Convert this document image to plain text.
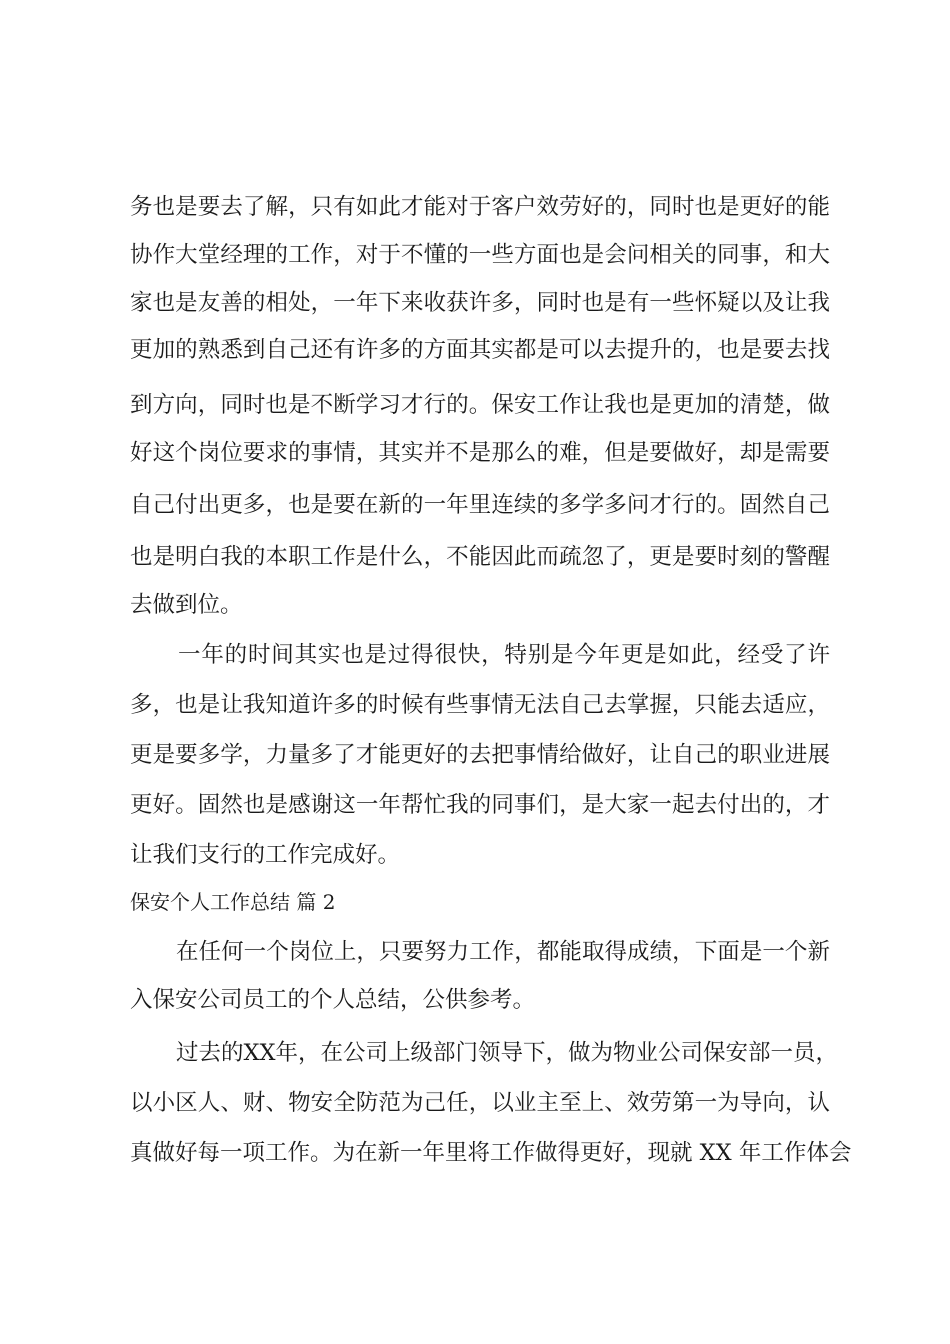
务也是要去了解，只有如此才能对于客户效劳好的，同时也是更好的能
协作大堂经理的工作，对于不懂的一些方面也是会问相关的同事，和大
家也是友善的相处，一年下来收获许多，同时也是有一些怀疑以及让我
更加的熟悉到自己还有许多的方面其实都是可以去提升的，也是要去找
到方向，同时也是不断学习才行的。保安工作让我也是更加的清楚，做
好这个岗位要求的事情，其实并不是那么的难，但是要做好，却是需要
自己付出更多，也是要在新的一年里连续的多学多问才行的。固然自己
也是明白我的本职工作是什么，不能因此而疏忽了，更是要时刻的警醒
去做到位。
一年的时间其实也是过得很快，特别是今年更是如此，经受了许
多，也是让我知道许多的时候有些事情无法自己去掌握，只能去适应，
更是要多学，力量多了才能更好的去把事情给做好，让自己的职业进展
更好。固然也是感谢这一年帮忙我的同事们，是大家一起去付出的，才
让我们支行的工作完成好。
保安个人工作总结 篇 2
在任何一个岗位上，只要努力工作，都能取得成绩，下面是一个新
入保安公司员工的个人总结，公供参考。
过去的XX年，在公司上级部门领导下，做为物业公司保安部一员，
以小区人、财、物安全防范为己任，以业主至上、效劳第一为导向，认
真做好每一项工作。为在新一年里将工作做得更好，现就 XX 年工作体会
